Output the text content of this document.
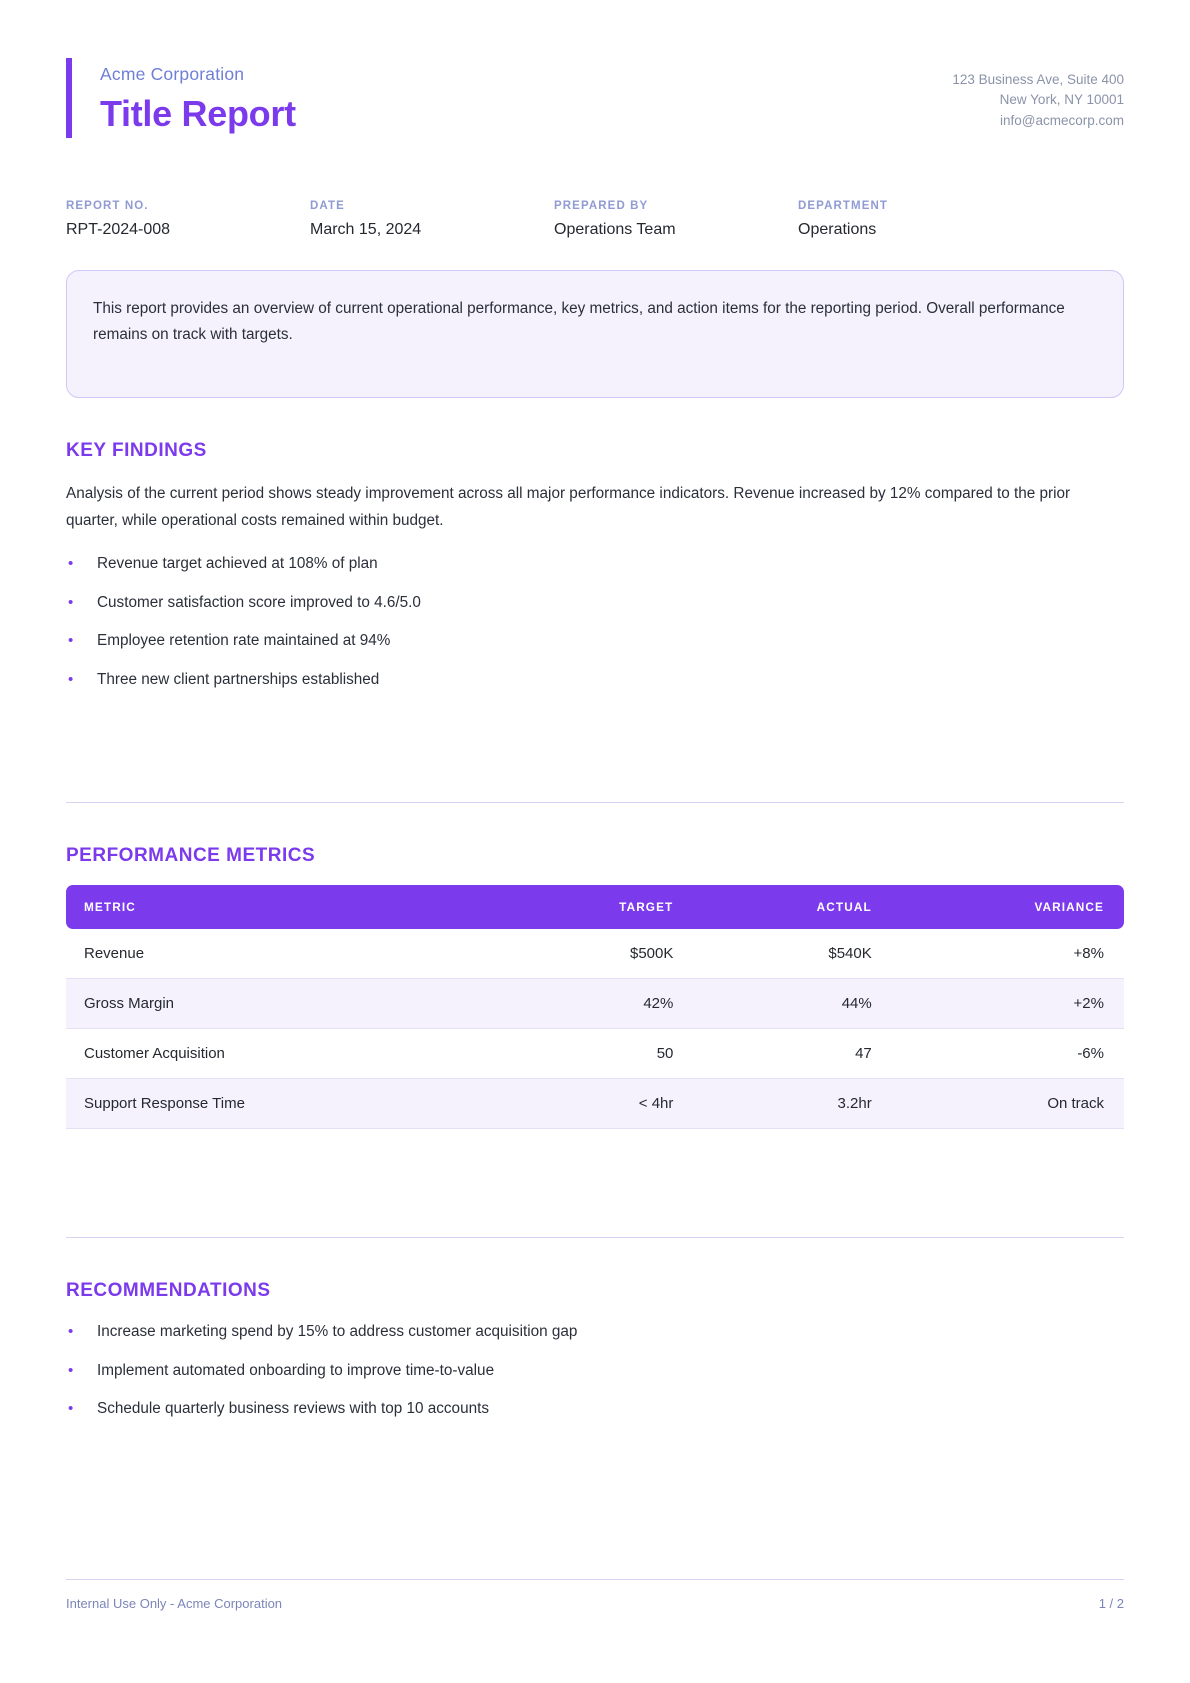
Acme Corporation
Title Report
123 Business Ave, Suite 400
New York, NY 10001
info@acmecorp.com
REPORT NO.
RPT-2024-008
DATE
March 15, 2024
PREPARED BY
Operations Team
DEPARTMENT
Operations
This report provides an overview of current operational performance, key metrics, and action items for the reporting period. Overall performance remains on track with targets.
KEY FINDINGS
Analysis of the current period shows steady improvement across all major performance indicators. Revenue increased by 12% compared to the prior quarter, while operational costs remained within budget.
• Revenue target achieved at 108% of plan
• Customer satisfaction score improved to 4.6/5.0
• Employee retention rate maintained at 94%
• Three new client partnerships established
PERFORMANCE METRICS
METRIC	TARGET	ACTUAL	VARIANCE
Revenue	$500K	$540K	+8%
Gross Margin	42%	44%	+2%
Customer Acquisition	50	47	-6%
Support Response Time	< 4hr	3.2hr	On track
RECOMMENDATIONS
• Increase marketing spend by 15% to address customer acquisition gap
• Implement automated onboarding to improve time-to-value
• Schedule quarterly business reviews with top 10 accounts
Internal Use Only - Acme Corporation	1 / 2
